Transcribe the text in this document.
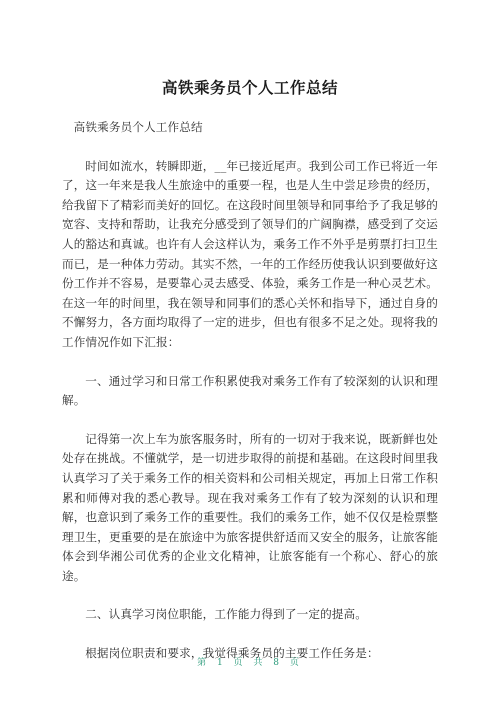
高铁乘务员个人工作总结

高铁乘务员个人工作总结

时间如流水，转瞬即逝，__年已接近尾声。我到公司工作已将近一年了，这一年来是我人生旅途中的重要一程，也是人生中尝足珍贵的经历，给我留下了精彩而美好的回忆。在这段时间里领导和同事给予了我足够的宽容、支持和帮助，让我充分感受到了领导们的广阔胸襟，感受到了交运人的豁达和真诚。也许有人会这样认为，乘务工作不外乎是剪票打扫卫生而已，是一种体力劳动。其实不然，一年的工作经历使我认识到要做好这份工作并不容易，是要靠心灵去感受、体验，乘务工作是一种心灵艺术。在这一年的时间里，我在领导和同事们的悉心关怀和指导下，通过自身的不懈努力，各方面均取得了一定的进步，但也有很多不足之处。现将我的工作情况作如下汇报：

一、通过学习和日常工作积累使我对乘务工作有了较深刻的认识和理解。

记得第一次上车为旅客服务时，所有的一切对于我来说，既新鲜也处处存在挑战。不懂就学，是一切进步取得的前提和基础。在这段时间里我认真学习了关于乘务工作的相关资料和公司相关规定，再加上日常工作积累和师傅对我的悉心教导。现在我对乘务工作有了较为深刻的认识和理解，也意识到了乘务工作的重要性。我们的乘务工作，她不仅仅是检票整理卫生，更重要的是在旅途中为旅客提供舒适而又安全的服务，让旅客能体会到华湘公司优秀的企业文化精神，让旅客能有一个称心、舒心的旅途。

二、认真学习岗位职能，工作能力得到了一定的提高。

根据岗位职责和要求，我觉得乘务员的主要工作任务是：

第 1 页 共 8 页
